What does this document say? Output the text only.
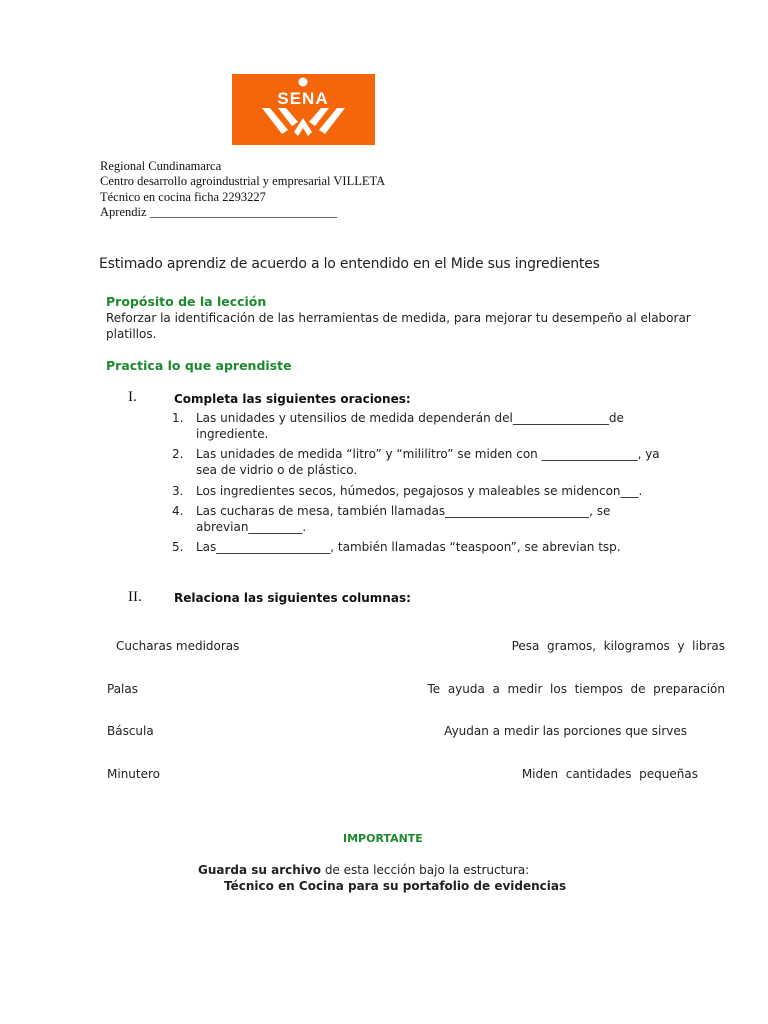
SENA
Regional Cundinamarca
Centro desarrollo agroindustrial y empresarial VILLETA
Técnico en cocina ficha 2293227
Aprendiz ______________________________
Estimado aprendiz de acuerdo a lo entendido en el Mide sus ingredientes
Propósito de la lección
Reforzar la identificación de las herramientas de medida, para mejorar tu desempeño al elaborar platillos.
Practica lo que aprendiste
I.	Completa las siguientes oraciones:
1. Las unidades y utensilios de medida dependerán del________________de ingrediente.
2. Las unidades de medida “litro” y “mililitro” se miden con ________________, ya sea de vidrio o de plástico.
3. Los ingredientes secos, húmedos, pegajosos y maleables se midencon___.
4. Las cucharas de mesa, también llamadas________________________, se abrevian_________.
5. Las___________________, también llamadas “teaspoon”, se abrevian tsp.
II.	Relaciona las siguientes columnas:
Cucharas medidoras
Palas
Báscula
Minutero
Pesa  gramos,  kilogramos  y  libras
Te  ayuda  a  medir  los  tiempos  de  preparación
Ayudan a medir las porciones que sirves
Miden  cantidades  pequeñas
IMPORTANTE
Guarda su archivo de esta lección bajo la estructura:
Técnico en Cocina para su portafolio de evidencias
